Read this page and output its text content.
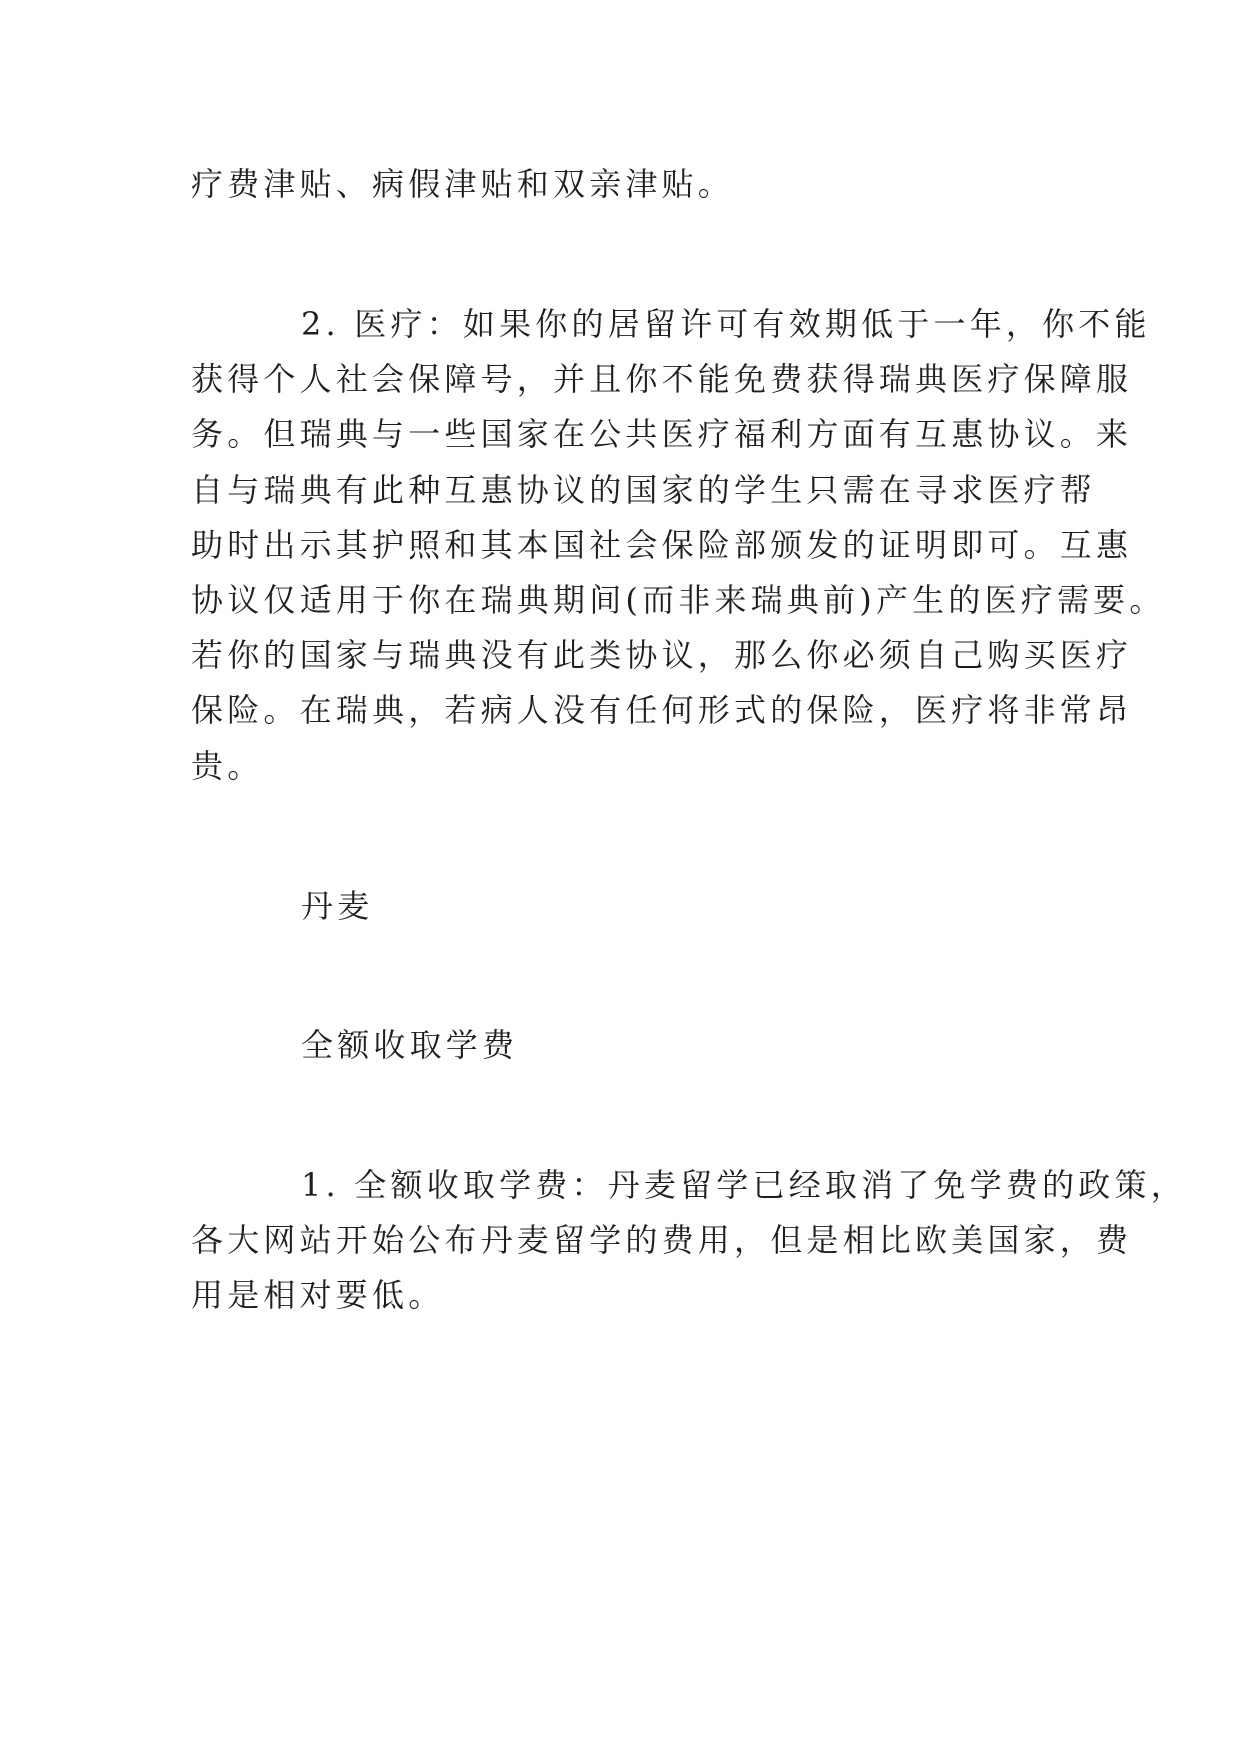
疗费津贴、病假津贴和双亲津贴。

2. 医疗：如果你的居留许可有效期低于一年，你不能

获得个人社会保障号，并且你不能免费获得瑞典医疗保障服

务。但瑞典与一些国家在公共医疗福利方面有互惠协议。来

自与瑞典有此种互惠协议的国家的学生只需在寻求医疗帮

助时出示其护照和其本国社会保险部颁发的证明即可。互惠

协议仅适用于你在瑞典期间(而非来瑞典前)产生的医疗需要。

若你的国家与瑞典没有此类协议，那么你必须自己购买医疗

保险。在瑞典，若病人没有任何形式的保险，医疗将非常昂

贵。

丹麦

全额收取学费

1. 全额收取学费：丹麦留学已经取消了免学费的政策，

各大网站开始公布丹麦留学的费用，但是相比欧美国家，费

用是相对要低。
